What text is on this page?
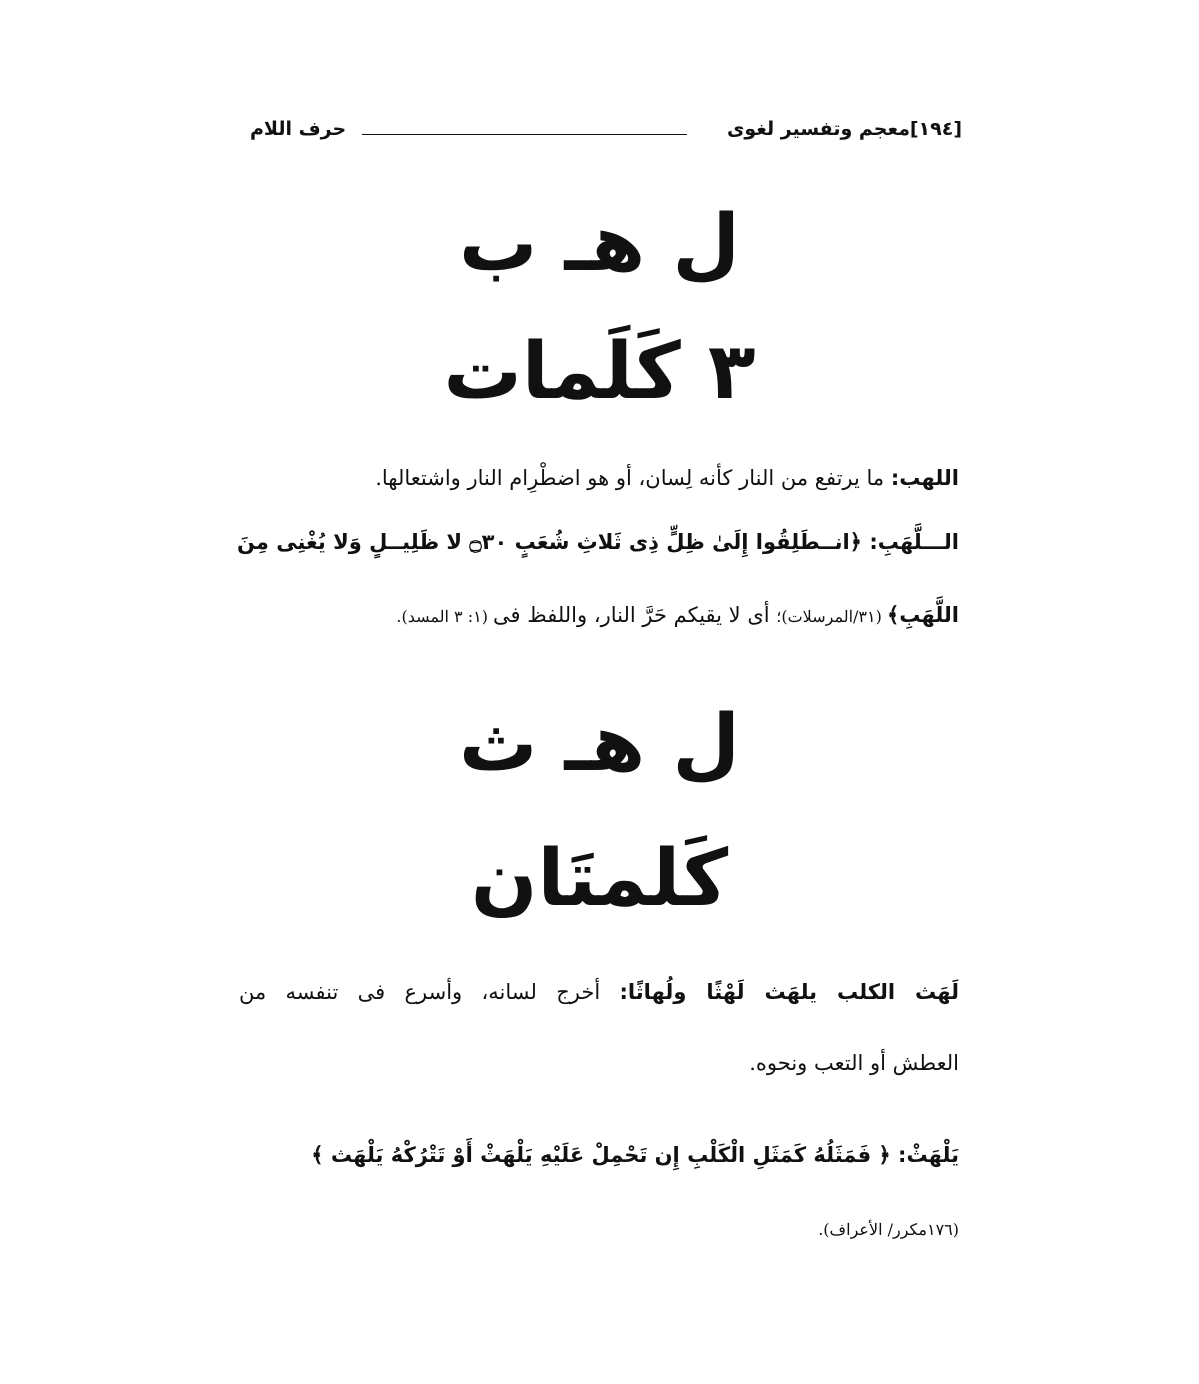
[١٩٤]
معجم وتفسير لغوى
حرف اللام
ل هـ ب
٣ كَلَمات
اللهب: ما يرتفع من النار كأنه لِسان، أو هو اضطْرِام النار واشتعالها.
الـــلَّهَبِ: ﴿انــطَلِقُوا إِلَىٰ ظِلٍّ ذِى ثَلاثِ شُعَبٍ ۝٣٠ لا ظَلِيــلٍ وَلا يُغْنِى مِنَ
اللَّهَبِ﴾ (٣١/المرسلات)؛ أى لا يقيكم حَرَّ النار، واللفظ فى (١: ٣ المسد).
ل هـ ث
كَلمتَان
لَهَث الكلب يلهَث لَهْثًا ولُهاثًا: أخرج لسانه، وأسرع فى تنفسه من
العطش أو التعب ونحوه.
يَلْهَثْ: ﴿ فَمَثَلُهُ كَمَثَلِ الْكَلْبِ إِن تَحْمِلْ عَلَيْهِ يَلْهَثْ أَوْ تَتْرُكْهُ يَلْهَث ﴾
(١٧٦مكرر/ الأعراف).
